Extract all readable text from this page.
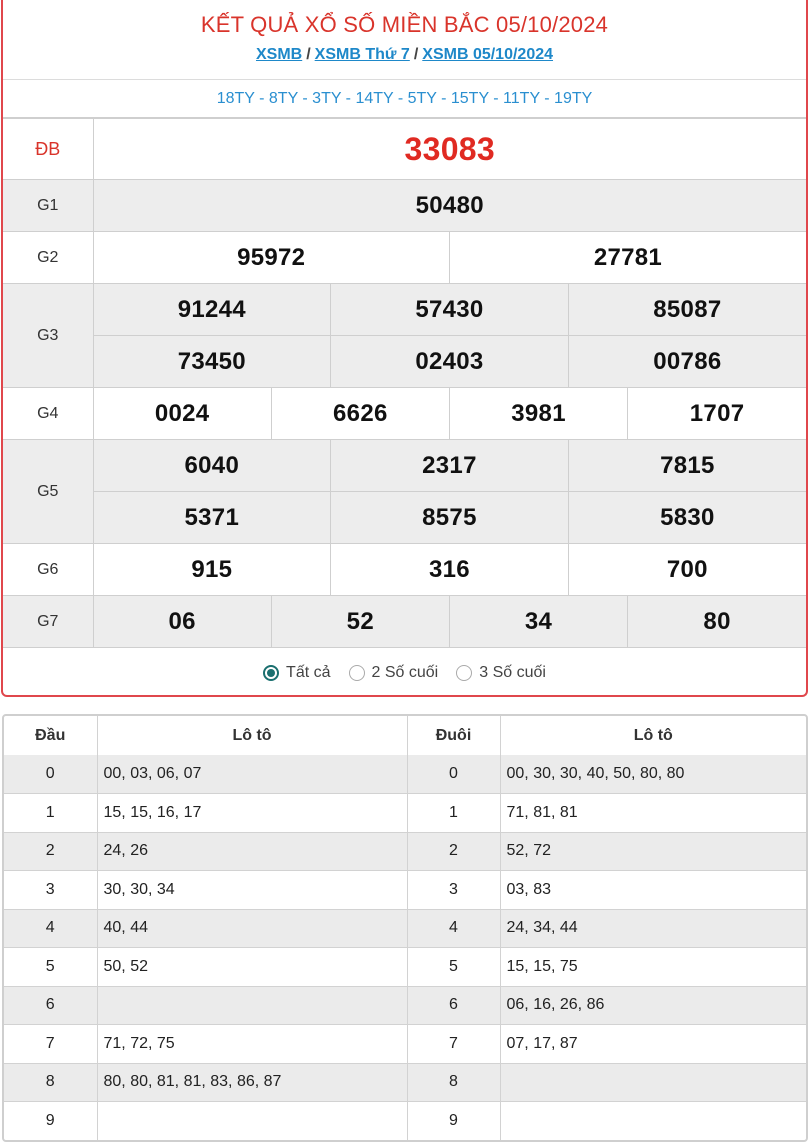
KẾT QUẢ XỔ SỐ MIỀN BẮC 05/10/2024
XSMB / XSMB Thứ 7 / XSMB 05/10/2024
18TY - 8TY - 3TY - 14TY - 5TY - 15TY - 11TY - 19TY
ĐB	33083					
G1	50480					
G2	95972			27781		
G3	91244		57430		85087	
	73450		02403		00786	
G4	0024	6626		3981		1707
G5	6040		2317		7815	
	5371		8575		5830	
G6	915		316		700	
G7	06	52		34		80
Tất cả	2 Số cuối	3 Số cuối
Đầu	Lô tô	Đuôi	Lô tô
0	00, 03, 06, 07	0	00, 30, 30, 40, 50, 80, 80
1	15, 15, 16, 17	1	71, 81, 81
2	24, 26	2	52, 72
3	30, 30, 34	3	03, 83
4	40, 44	4	24, 34, 44
5	50, 52	5	15, 15, 75
6		6	06, 16, 26, 86
7	71, 72, 75	7	07, 17, 87
8	80, 80, 81, 81, 83, 86, 87	8	
9		9	
